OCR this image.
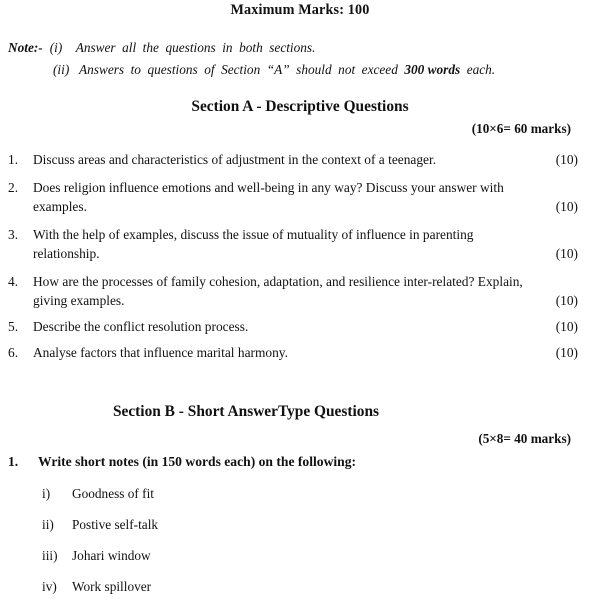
Maximum Marks: 100
Note:- (i)	Answer all the questions in both sections.
(ii) Answers to questions of Section “A” should not exceed 300 words each.
Section A - Descriptive Questions
(10×6= 60 marks)
1.	Discuss areas and characteristics of adjustment in the context of a teenager.	(10)
2.	Does religion influence emotions and well-being in any way? Discuss your answer with examples.	(10)
3.	With the help of examples, discuss the issue of mutuality of influence in parenting relationship.	(10)
4.	How are the processes of family cohesion, adaptation, and resilience inter-related? Explain, giving examples.	(10)
5.	Describe the conflict resolution process.	(10)
6.	Analyse factors that influence marital harmony.	(10)
Section B - Short AnswerType Questions
(5×8= 40 marks)
1.	Write short notes (in 150 words each) on the following:
i)	Goodness of fit
ii)	Postive self-talk
iii)	Johari window
iv)	Work spillover
